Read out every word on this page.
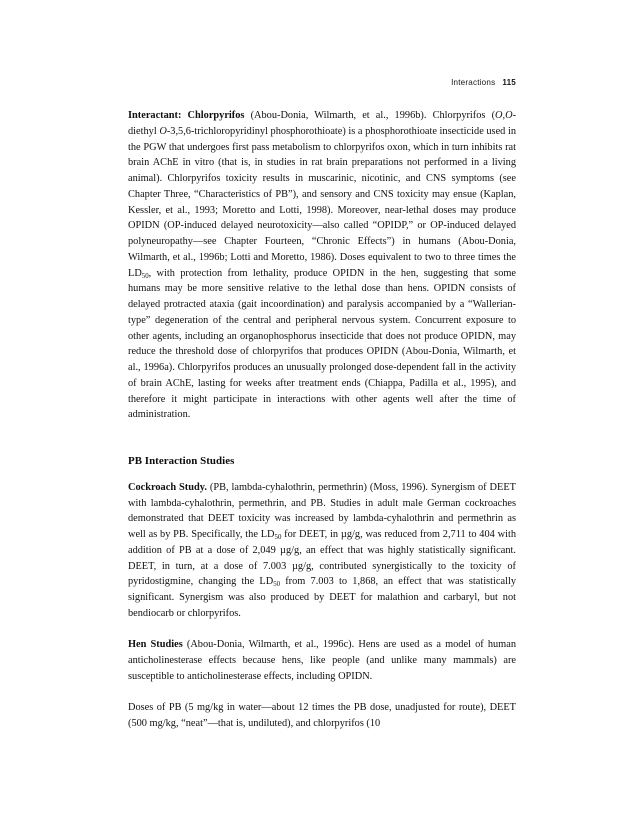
Interactions 115

Interactant: Chlorpyrifos (Abou-Donia, Wilmarth, et al., 1996b). Chlorpyrifos (O,O-diethyl O-3,5,6-trichloropyridinyl phosphorothioate) is a phosphorothioate insecticide used in the PGW that undergoes first pass metabolism to chlorpyrifos oxon, which in turn inhibits rat brain AChE in vitro (that is, in studies in rat brain preparations not performed in a living animal). Chlorpyrifos toxicity results in muscarinic, nicotinic, and CNS symptoms (see Chapter Three, “Characteristics of PB”), and sensory and CNS toxicity may ensue (Kaplan, Kessler, et al., 1993; Moretto and Lotti, 1998). Moreover, near-lethal doses may produce OPIDN (OP-induced delayed neurotoxicity—also called “OPIDP,” or OP-induced delayed polyneuropathy—see Chapter Fourteen, “Chronic Effects”) in humans (Abou-Donia, Wilmarth, et al., 1996b; Lotti and Moretto, 1986). Doses equivalent to two to three times the $LD_{50}$, with protection from lethality, produce OPIDN in the hen, suggesting that some humans may be more sensitive relative to the lethal dose than hens. OPIDN consists of delayed protracted ataxia (gait incoordination) and paralysis accompanied by a “Wallerian-type” degeneration of the central and peripheral nervous system. Concurrent exposure to other agents, including an organophosphorus insecticide that does not produce OPIDN, may reduce the threshold dose of chlorpyrifos that produces OPIDN (Abou-Donia, Wilmarth, et al., 1996a). Chlorpyrifos produces an unusually prolonged dose-dependent fall in the activity of brain AChE, lasting for weeks after treatment ends (Chiappa, Padilla et al., 1995), and therefore it might participate in interactions with other agents well after the time of administration.

PB Interaction Studies

Cockroach Study. (PB, lambda-cyhalothrin, permethrin) (Moss, 1996). Synergism of DEET with lambda-cyhalothrin, permethrin, and PB. Studies in adult male German cockroaches demonstrated that DEET toxicity was increased by lambda-cyhalothrin and permethrin as well as by PB. Specifically, the $LD_{50}$ for DEET, in µg/g, was reduced from 2,711 to 404 with addition of PB at a dose of 2,049 µg/g, an effect that was highly statistically significant. DEET, in turn, at a dose of 7.003 µg/g, contributed synergistically to the toxicity of pyridostigmine, changing the $LD_{50}$ from 7.003 to 1,868, an effect that was statistically significant. Synergism was also produced by DEET for malathion and carbaryl, but not bendiocarb or chlorpyrifos.

Hen Studies (Abou-Donia, Wilmarth, et al., 1996c). Hens are used as a model of human anticholinesterase effects because hens, like people (and unlike many mammals) are susceptible to anticholinesterase effects, including OPIDN.

Doses of PB (5 mg/kg in water—about 12 times the PB dose, unadjusted for route), DEET (500 mg/kg, “neat”—that is, undiluted), and chlorpyrifos (10
